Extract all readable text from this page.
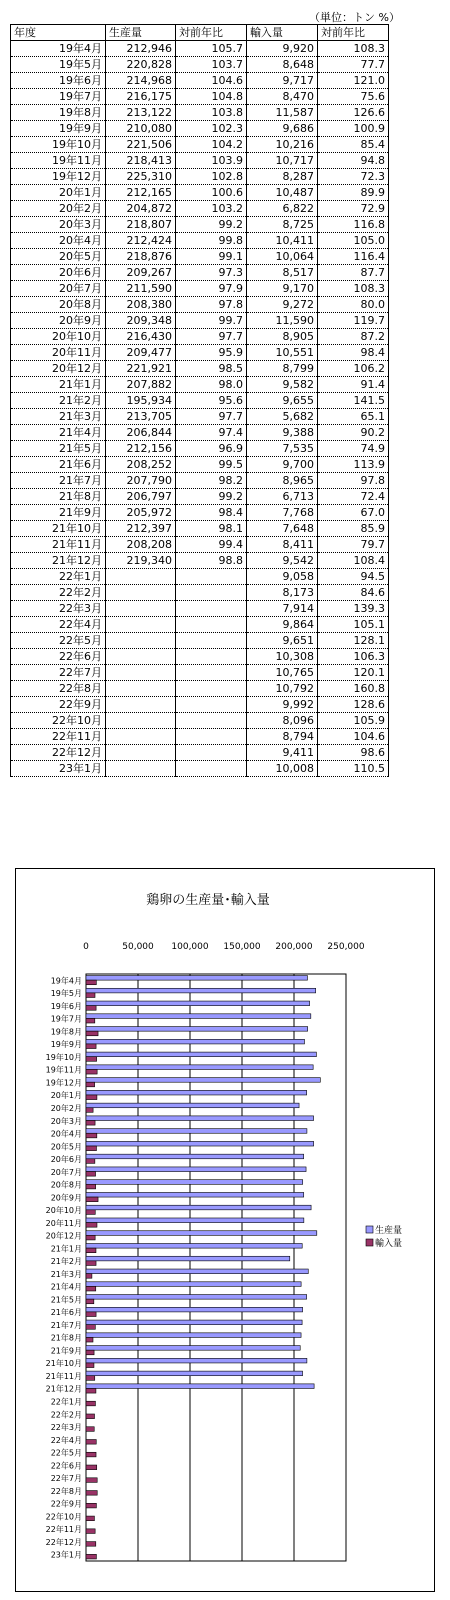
（単位：トン %）
年度	生産量	対前年比	輸入量	対前年比
19年4月	212,946	105.7	9,920	108.3
19年5月	220,828	103.7	8,648	77.7
19年6月	214,968	104.6	9,717	121.0
19年7月	216,175	104.8	8,470	75.6
19年8月	213,122	103.8	11,587	126.6
19年9月	210,080	102.3	9,686	100.9
19年10月	221,506	104.2	10,216	85.4
19年11月	218,413	103.9	10,717	94.8
19年12月	225,310	102.8	8,287	72.3
20年1月	212,165	100.6	10,487	89.9
20年2月	204,872	103.2	6,822	72.9
20年3月	218,807	99.2	8,725	116.8
20年4月	212,424	99.8	10,411	105.0
20年5月	218,876	99.1	10,064	116.4
20年6月	209,267	97.3	8,517	87.7
20年7月	211,590	97.9	9,170	108.3
20年8月	208,380	97.8	9,272	80.0
20年9月	209,348	99.7	11,590	119.7
20年10月	216,430	97.7	8,905	87.2
20年11月	209,477	95.9	10,551	98.4
20年12月	221,921	98.5	8,799	106.2
21年1月	207,882	98.0	9,582	91.4
21年2月	195,934	95.6	9,655	141.5
21年3月	213,705	97.7	5,682	65.1
21年4月	206,844	97.4	9,388	90.2
21年5月	212,156	96.9	7,535	74.9
21年6月	208,252	99.5	9,700	113.9
21年7月	207,790	98.2	8,965	97.8
21年8月	206,797	99.2	6,713	72.4
21年9月	205,972	98.4	7,768	67.0
21年10月	212,397	98.1	7,648	85.9
21年11月	208,208	99.4	8,411	79.7
21年12月	219,340	98.8	9,542	108.4
22年1月			9,058	94.5
22年2月			8,173	84.6
22年3月			7,914	139.3
22年4月			9,864	105.1
22年5月			9,651	128.1
22年6月			10,308	106.3
22年7月			10,765	120.1
22年8月			10,792	160.8
22年9月			9,992	128.6
22年10月			8,096	105.9
22年11月			8,794	104.6
22年12月			9,411	98.6
23年1月			10,008	110.5
鶏卵の生産量･輸入量
0	50,000 100,000 150,000 200,000 250,000
19年4月
19年5月
19年6月
19年7月
19年8月
19年9月
19年10月
19年11月
19年12月
20年1月
20年2月
20年3月
20年4月
20年5月
20年6月
20年7月
20年8月
20年9月
20年10月
20年11月
20年12月
21年1月
21年2月
21年3月
21年4月
21年5月
21年6月
21年7月
21年8月
21年9月
21年10月
21年11月
21年12月
22年1月
22年2月
22年3月
22年4月
22年5月
22年6月
22年7月
22年8月
22年9月
22年10月
22年11月
22年12月
23年1月
生産量
輸入量
